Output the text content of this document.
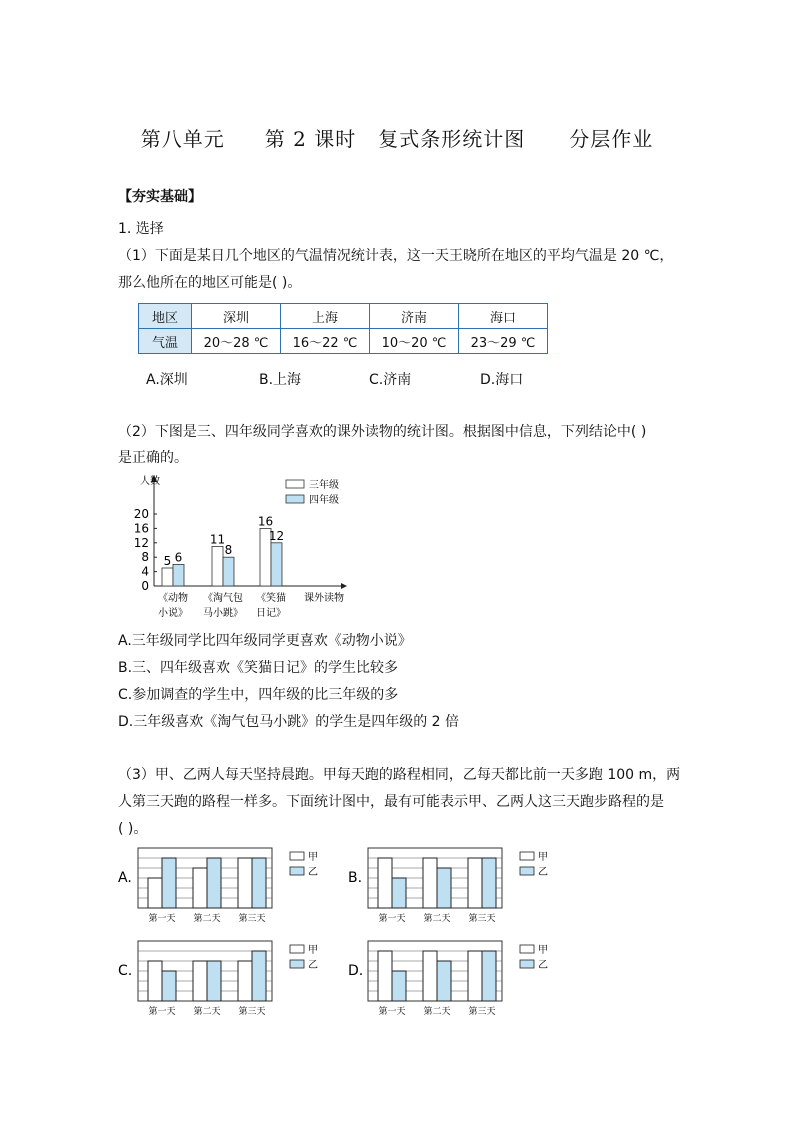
第八单元 第 2 课时 复式条形统计图 分层作业
【夯实基础】
1. 选择
（1）下面是某日几个地区的气温情况统计表，这一天王晓所在地区的平均气温是 20 ℃，
那么他所在的地区可能是( )。
地区	深圳	上海	济南	海口
气温	20～28 ℃	16～22 ℃	10～20 ℃	23～29 ℃
A.深圳	B.上海	C.济南	D.海口
（2）下图是三、四年级同学喜欢的课外读物的统计图。根据图中信息，下列结论中( )
是正确的。
人数
0
4
8
12
16
20
5 6
《动物
小说》
11
8
《淘气包
马小跳》
16
12
《笑猫
日记》
课外读物
三年级
四年级
A.三年级同学比四年级同学更喜欢《动物小说》
B.三、四年级喜欢《笑猫日记》的学生比较多
C.参加调查的学生中，四年级的比三年级的多
D.三年级喜欢《淘气包马小跳》的学生是四年级的 2 倍
（3）甲、乙两人每天坚持晨跑。甲每天跑的路程相同，乙每天都比前一天多跑 100 m，两
人第三天跑的路程一样多。下面统计图中，最有可能表示甲、乙两人这三天跑步路程的是
( )。
A.
第一天 第二天 第三天
甲
乙 B.
第一天 第二天 第三天
甲
乙
C.
第一天 第二天 第三天
甲
乙 D.
第一天 第二天 第三天
甲
乙
